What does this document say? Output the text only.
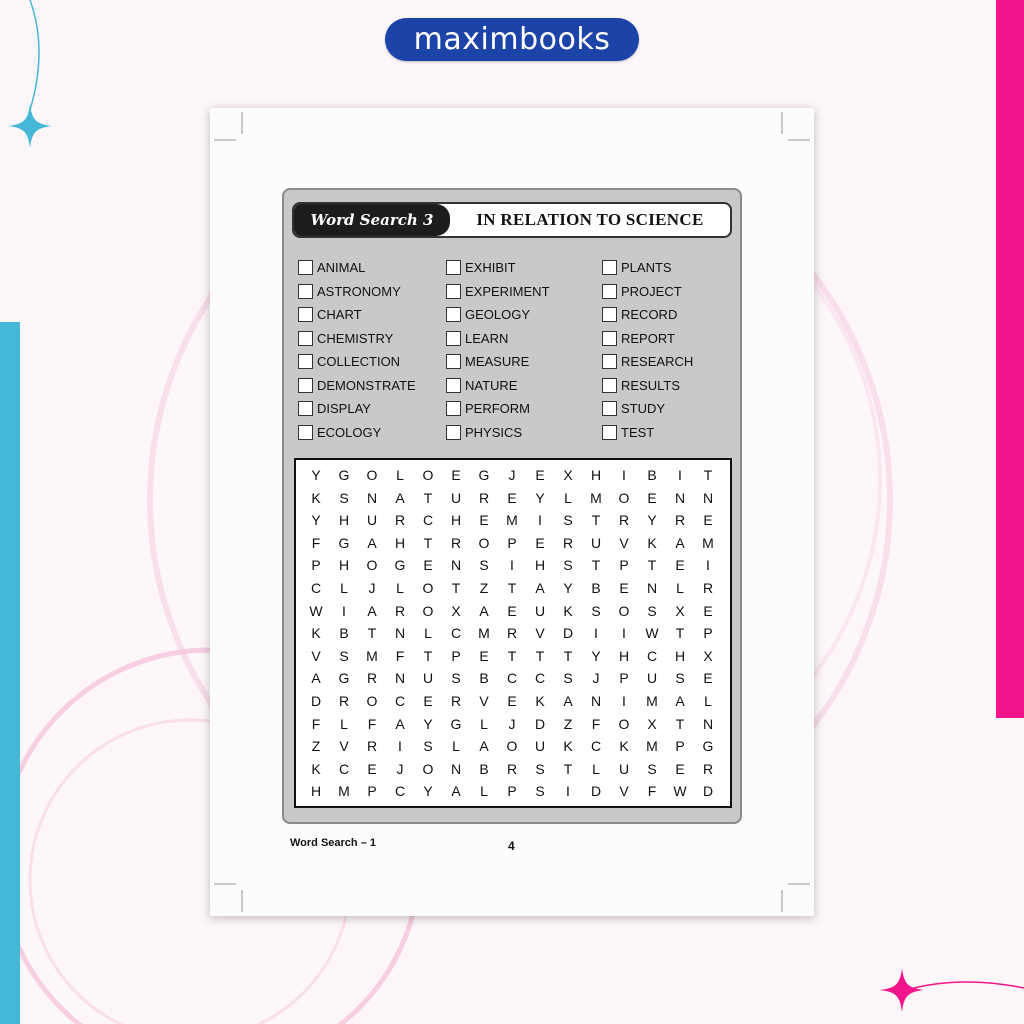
maximbooks
Word Search 3	IN RELATION TO SCIENCE
ANIMAL
ASTRONOMY
CHART
CHEMISTRY
COLLECTION
DEMONSTRATE
DISPLAY
ECOLOGY
EXHIBIT
EXPERIMENT
GEOLOGY
LEARN
MEASURE
NATURE
PERFORM
PHYSICS
PLANTS
PROJECT
RECORD
REPORT
RESEARCH
RESULTS
STUDY
TEST
Y	G	O	L	O	E	G	J	E	X	H	I	B	I	T
K	S	N	A	T	U	R	E	Y	L	M	O	E	N	N
Y	H	U	R	C	H	E	M	I	S	T	R	Y	R	E
F	G	A	H	T	R	O	P	E	R	U	V	K	A	M
P	H	O	G	E	N	S	I	H	S	T	P	T	E	I
C	L	J	L	O	T	Z	T	A	Y	B	E	N	L	R
W	I	A	R	O	X	A	E	U	K	S	O	S	X	E
K	B	T	N	L	C	M	R	V	D	I	I	W	T	P
V	S	M	F	T	P	E	T	T	T	Y	H	C	H	X
A	G	R	N	U	S	B	C	C	S	J	P	U	S	E
D	R	O	C	E	R	V	E	K	A	N	I	M	A	L
F	L	F	A	Y	G	L	J	D	Z	F	O	X	T	N
Z	V	R	I	S	L	A	O	U	K	C	K	M	P	G
K	C	E	J	O	N	B	R	S	T	L	U	S	E	R
H	M	P	C	Y	A	L	P	S	I	D	V	F	W	D
Word Search – 1	4
